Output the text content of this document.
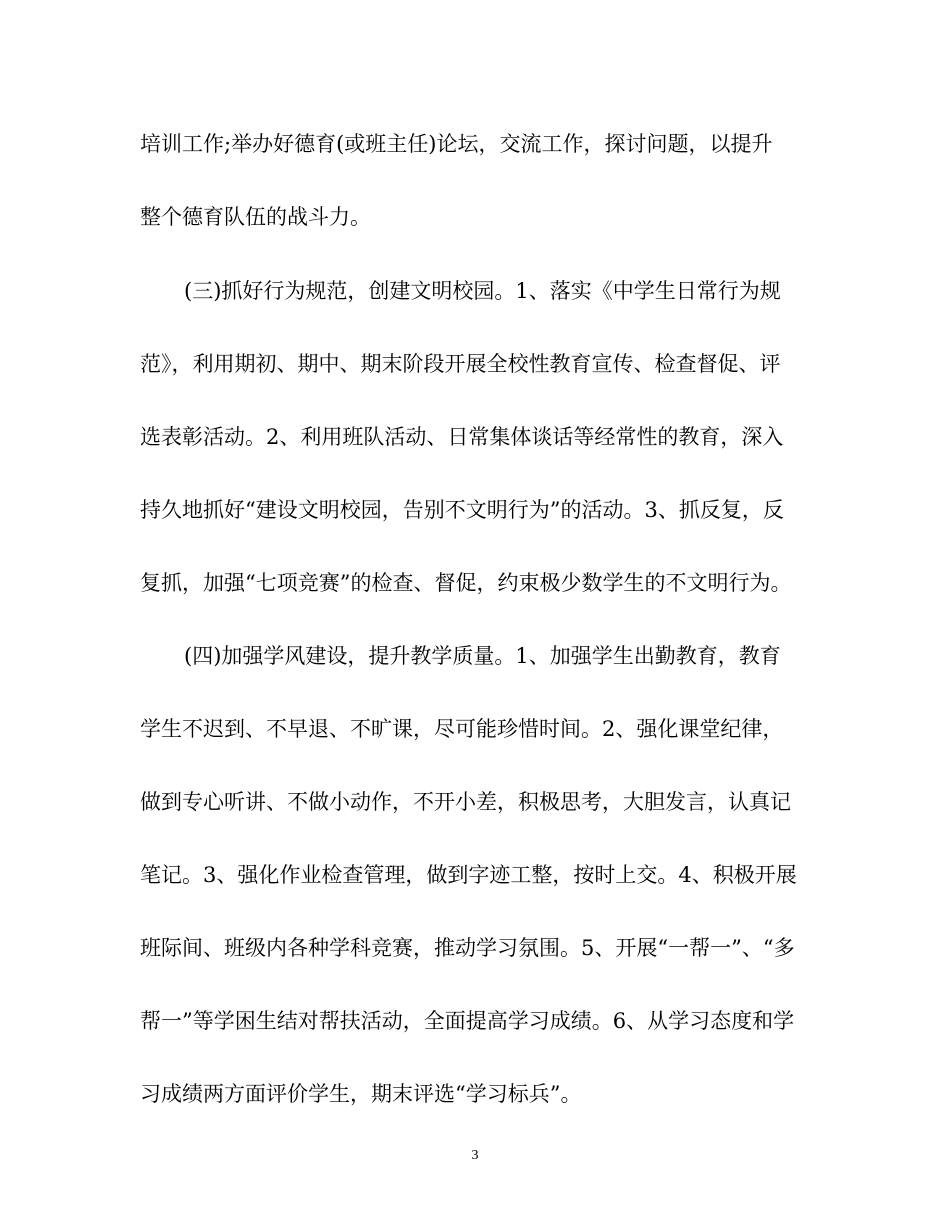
培训工作;举办好德育(或班主任)论坛，交流工作，探讨问题，以提升
整个德育队伍的战斗力。
(三)抓好行为规范，创建文明校园。1、落实《中学生日常行为规
范》，利用期初、期中、期末阶段开展全校性教育宣传、检查督促、评
选表彰活动。2、利用班队活动、日常集体谈话等经常性的教育，深入
持久地抓好“建设文明校园，告别不文明行为”的活动。3、抓反复，反
复抓，加强“七项竞赛”的检查、督促，约束极少数学生的不文明行为。
(四)加强学风建设，提升教学质量。1、加强学生出勤教育，教育
学生不迟到、不早退、不旷课，尽可能珍惜时间。2、强化课堂纪律，
做到专心听讲、不做小动作，不开小差，积极思考，大胆发言，认真记
笔记。3、强化作业检查管理，做到字迹工整，按时上交。4、积极开展
班际间、班级内各种学科竞赛，推动学习氛围。5、开展“一帮一”、“多
帮一”等学困生结对帮扶活动，全面提高学习成绩。6、从学习态度和学
习成绩两方面评价学生，期末评选“学习标兵”。
3
